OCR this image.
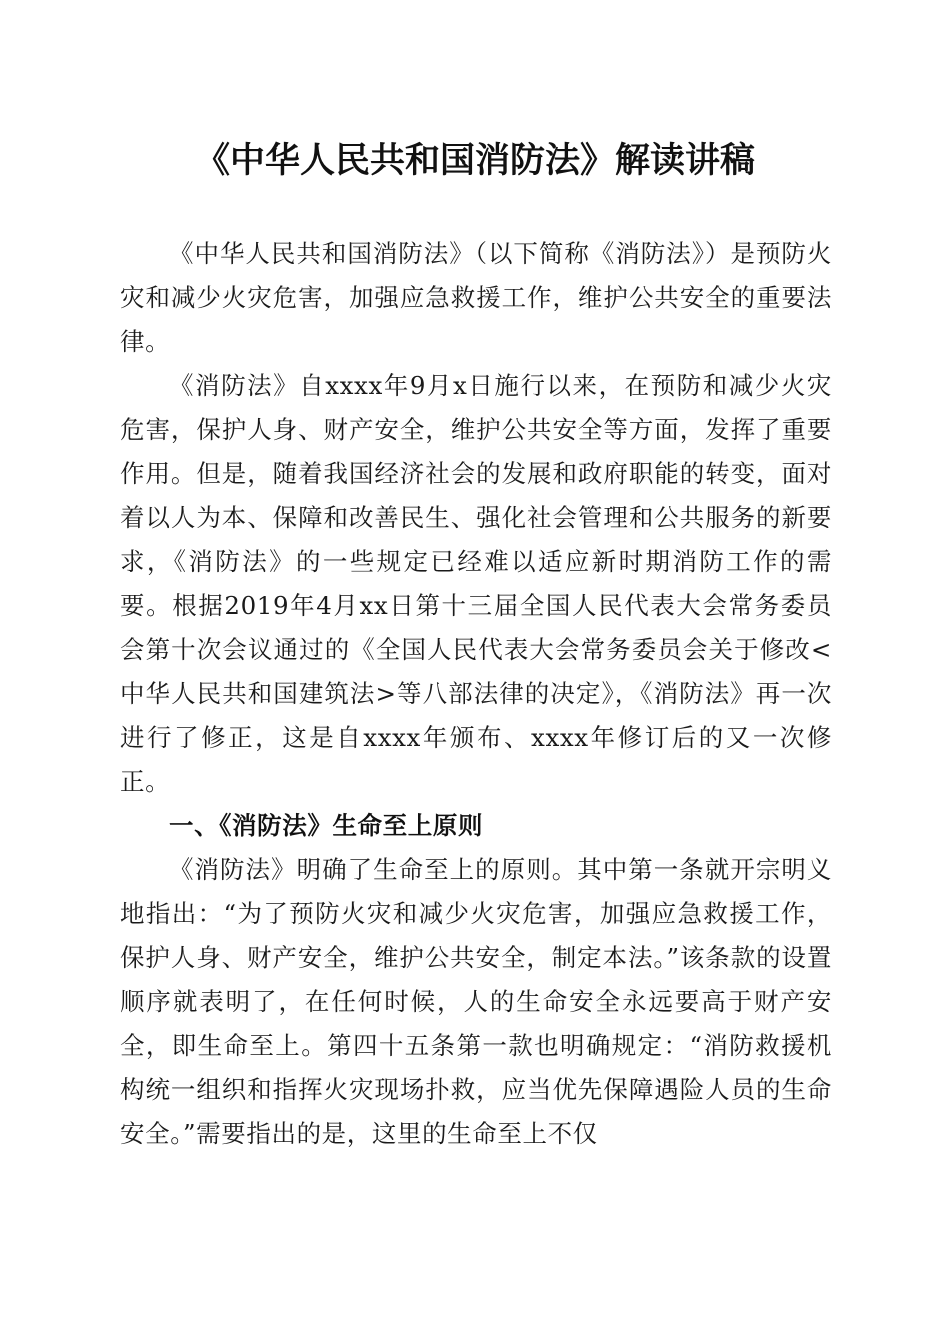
《中华人民共和国消防法》解读讲稿

《中华人民共和国消防法》（以下简称《消防法》）是预防火灾和减少火灾危害，加强应急救援工作，维护公共安全的重要法律。

《消防法》自xxxx年9月x日施行以来，在预防和减少火灾危害，保护人身、财产安全，维护公共安全等方面，发挥了重要作用。但是，随着我国经济社会的发展和政府职能的转变，面对着以人为本、保障和改善民生、强化社会管理和公共服务的新要求，《消防法》的一些规定已经难以适应新时期消防工作的需要。根据2019年4月xx日第十三届全国人民代表大会常务委员会第十次会议通过的《全国人民代表大会常务委员会关于修改<中华人民共和国建筑法>等八部法律的决定》，《消防法》再一次进行了修正，这是自xxxx年颁布、xxxx年修订后的又一次修正。

一、《消防法》生命至上原则

《消防法》明确了生命至上的原则。其中第一条就开宗明义地指出：“为了预防火灾和减少火灾危害，加强应急救援工作，保护人身、财产安全，维护公共安全，制定本法。”该条款的设置顺序就表明了，在任何时候，人的生命安全永远要高于财产安全，即生命至上。第四十五条第一款也明确规定：“消防救援机构统一组织和指挥火灾现场扑救，应当优先保障遇险人员的生命安全。”需要指出的是，这里的生命至上不仅
